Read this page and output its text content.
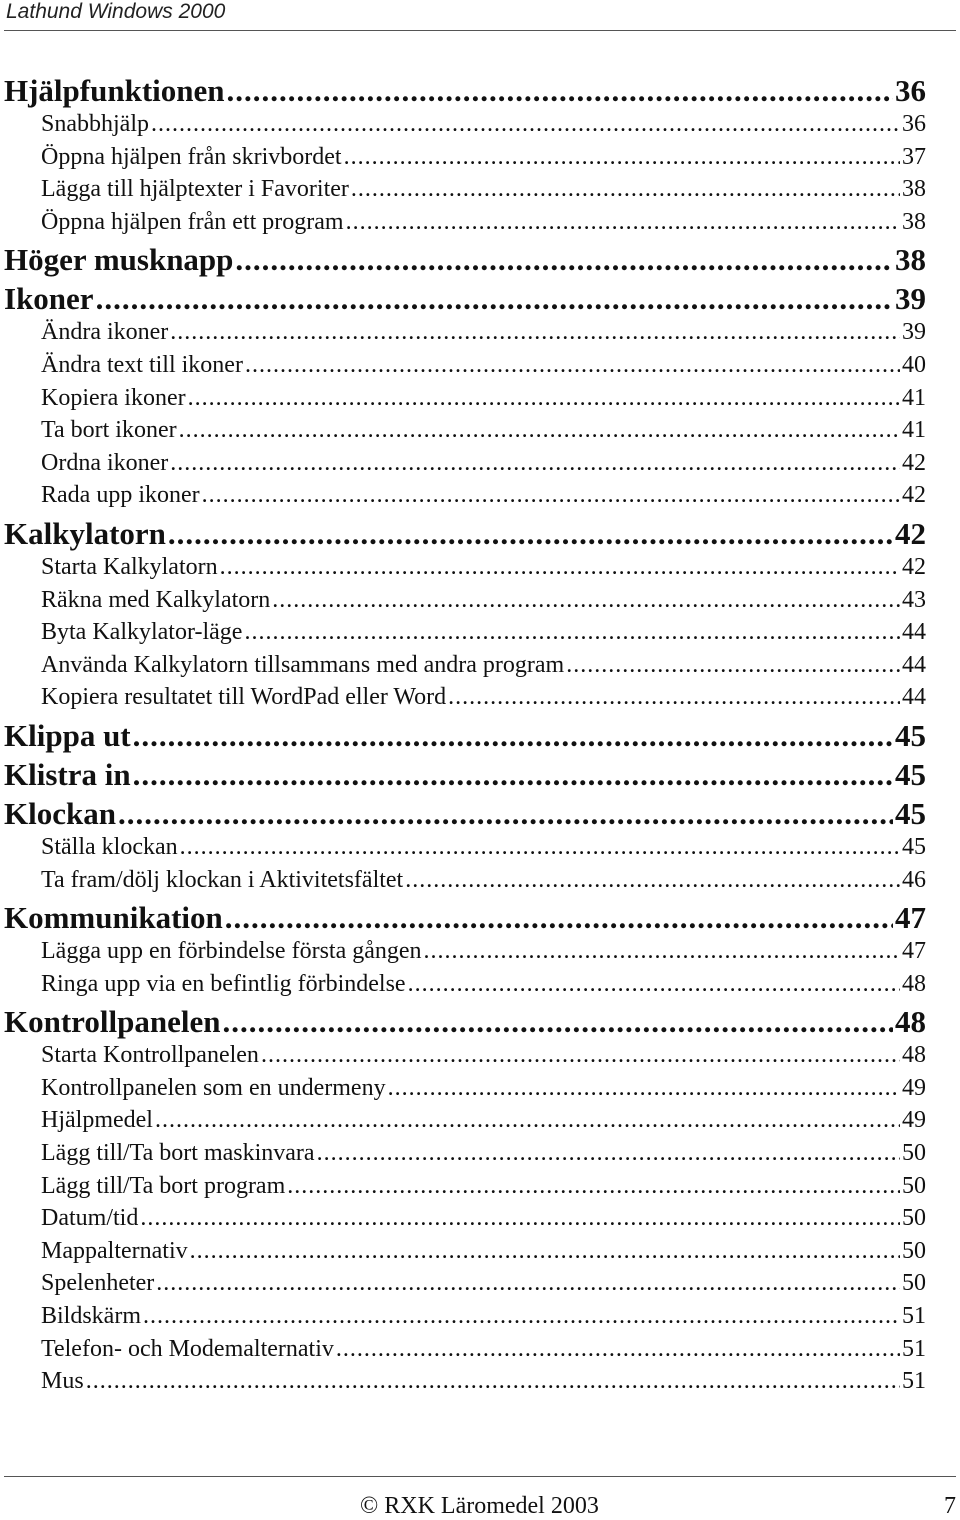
Lathund Windows 2000
Hjälpfunktionen .....	36
Snabbhjälp .....	36
Öppna hjälpen från skrivbordet .....	37
Lägga till hjälptexter i Favoriter .....	38
Öppna hjälpen från ett program .....	38
Höger musknapp .....	38
Ikoner .....	39
Ändra ikoner .....	39
Ändra text till ikoner .....	40
Kopiera ikoner .....	41
Ta bort ikoner .....	41
Ordna ikoner .....	42
Rada upp ikoner .....	42
Kalkylatorn .....	42
Starta Kalkylatorn .....	42
Räkna med Kalkylatorn .....	43
Byta Kalkylator-läge .....	44
Använda Kalkylatorn tillsammans med andra program .....	44
Kopiera resultatet till WordPad eller Word .....	44
Klippa ut .....	45
Klistra in .....	45
Klockan .....	45
Ställa klockan .....	45
Ta fram/dölj klockan i Aktivitetsfältet .....	46
Kommunikation .....	47
Lägga upp en förbindelse första gången .....	47
Ringa upp via en befintlig förbindelse .....	48
Kontrollpanelen .....	48
Starta Kontrollpanelen .....	48
Kontrollpanelen som en undermeny .....	49
Hjälpmedel .....	49
Lägg till/Ta bort maskinvara .....	50
Lägg till/Ta bort program .....	50
Datum/tid .....	50
Mappalternativ .....	50
Spelenheter .....	50
Bildskärm .....	51
Telefon- och Modemalternativ .....	51
Mus .....	51
© RXK Läromedel 2003	7
